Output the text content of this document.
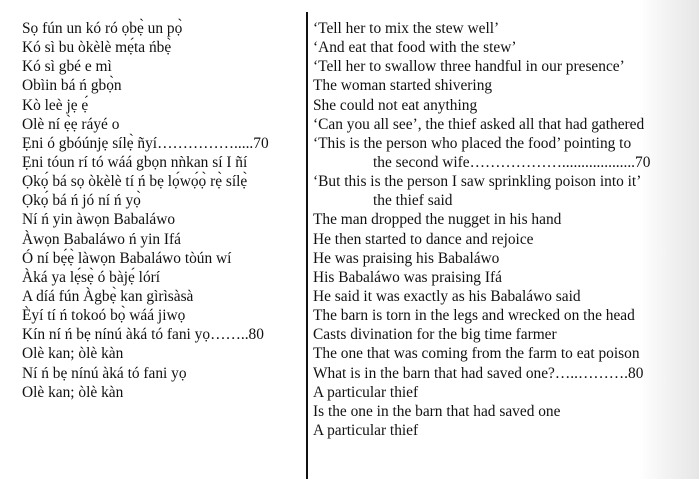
Sọ fún un kó ró ọbẹ̀ un pọ̀
Kó sì bu òkèlè mẹ́ta ńbẹ̀
Kó sì gbé e mì
Obìin bá ń gbọ̀n
Kò leè jẹ ẹ́
Olè ní ẹ̀ẹ ráyé o
Ẹni ó gbóúnjẹ sílẹ̀ ñyí…………….....70
Ẹni tóun rí tó wáá gbọn nǹkan sí I ñí
Ọkọ́ bá sọ òkèlè tí ń bẹ lọ́wọ́ọ̀ rẹ̀ sílẹ̀
Ọkọ́ bá ń jó ní ń yọ̀
Ní ń yin àwọn Babaláwo
Àwọn Babaláwo ń yin Ifá
Ó ní bẹ́ẹ̀ làwọn Babaláwo tòún wí
Àká ya lẹ́sẹ̀ ó bàjẹ́ lórí
A díá fún Àgbẹ̀ kan gìrìsàsà
Èyí tí ń tokoó bọ̀ wáá jiwọ
Kín ní ń bẹ nínú àká tó fani yọ……..80
Olè kan; òlè kàn
Ní ń bẹ nínú àká tó fani yọ
Olè kan; òlè kàn
‘Tell her to mix the stew well’
‘And eat that food with the stew’
‘Tell her to swallow three handful in our presence’
The woman started shivering
She could not eat anything
‘Can you all see’, the thief asked all that had gathered
‘This is the person who placed the food’ pointing to
the second wife………………...................70
‘But this is the person I saw sprinkling poison into it’
the thief said
The man dropped the nugget in his hand
He then started to dance and rejoice
He was praising his Babaláwo
His Babaláwo was praising Ifá
He said it was exactly as his Babaláwo said
The barn is torn in the legs and wrecked on the head
Casts divination for the big time farmer
The one that was coming from the farm to eat poison
What is in the barn that had saved one?…..……….80
A particular thief
Is the one in the barn that had saved one
A particular thief
